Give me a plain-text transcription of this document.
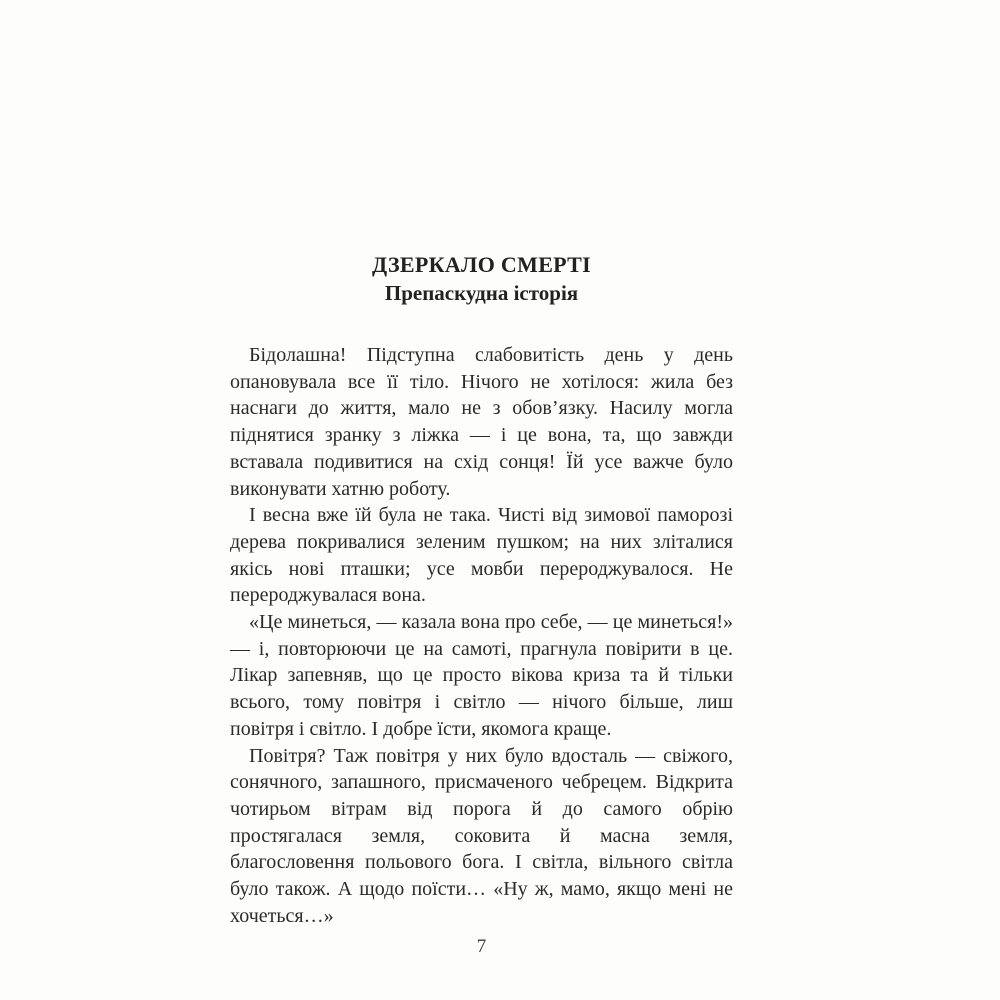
ДЗЕРКАЛО СМЕРТІ
Препаскудна історія

Бідолашна! Підступна слабовитість день у день опановувала все її тіло. Нічого не хотілося: жила без наснаги до життя, мало не з обов’язку. Насилу могла піднятися зранку з ліжка — і це вона, та, що завжди вставала подивитися на схід сонця! Їй усе важче було виконувати хатню роботу.

І весна вже їй була не така. Чисті від зимової паморозі дерева покривалися зеленим пушком; на них зліталися якісь нові пташки; усе мовби перероджувалося. Не перероджувалася вона.

«Це минеться, — казала вона про себе, — це минеться!» — і, повторюючи це на самоті, прагнула повірити в це. Лікар запевняв, що це просто вікова криза та й тільки всього, тому повітря і світло — нічого більше, лиш повітря і світло. І добре їсти, якомога краще.

Повітря? Таж повітря у них було вдосталь — свіжого, сонячного, запашного, присмаченого чебрецем. Відкрита чотирьом вітрам від порога й до самого обрію простягалася земля, соковита й масна земля, благословення польового бога. І світла, вільного світла було також. А щодо поїсти… «Ну ж, мамо, якщо мені не хочеться…»

7
